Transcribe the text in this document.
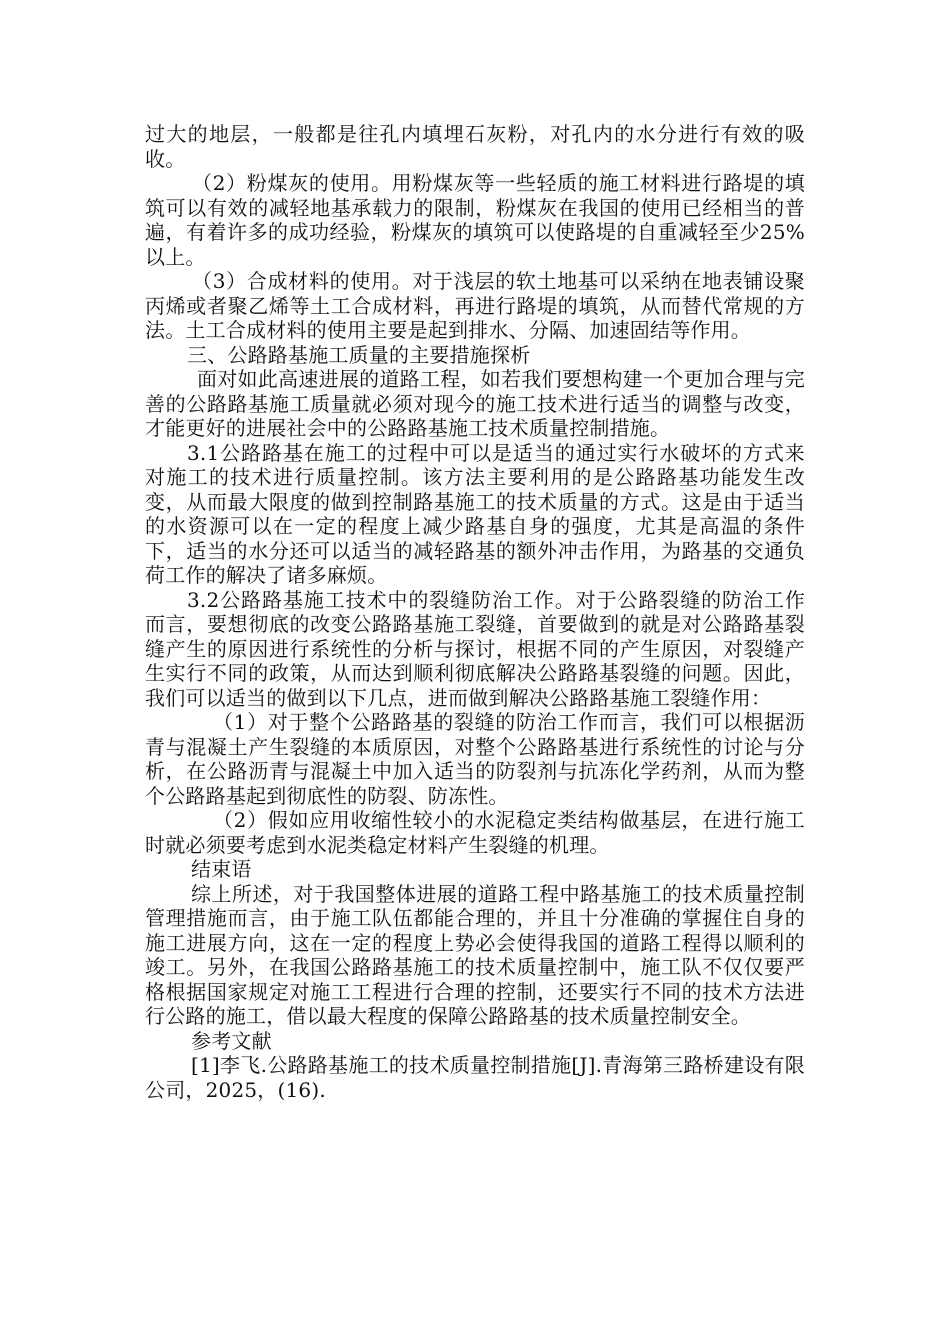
过大的地层，一般都是往孔内填埋石灰粉，对孔内的水分进行有效的吸收。

（2）粉煤灰的使用。用粉煤灰等一些轻质的施工材料进行路堤的填筑可以有效的减轻地基承载力的限制，粉煤灰在我国的使用已经相当的普遍，有着许多的成功经验，粉煤灰的填筑可以使路堤的自重减轻至少25%以上。

（3）合成材料的使用。对于浅层的软土地基可以采纳在地表铺设聚丙烯或者聚乙烯等土工合成材料，再进行路堤的填筑，从而替代常规的方法。土工合成材料的使用主要是起到排水、分隔、加速固结等作用。

三、公路路基施工质量的主要措施探析

面对如此高速进展的道路工程，如若我们要想构建一个更加合理与完善的公路路基施工质量就必须对现今的施工技术进行适当的调整与改变，才能更好的进展社会中的公路路基施工技术质量控制措施。

3.1公路路基在施工的过程中可以是适当的通过实行水破坏的方式来对施工的技术进行质量控制。该方法主要利用的是公路路基功能发生改变，从而最大限度的做到控制路基施工的技术质量的方式。这是由于适当的水资源可以在一定的程度上减少路基自身的强度，尤其是高温的条件下，适当的水分还可以适当的减轻路基的额外冲击作用，为路基的交通负荷工作的解决了诸多麻烦。

3.2公路路基施工技术中的裂缝防治工作。对于公路裂缝的防治工作而言，要想彻底的改变公路路基施工裂缝，首要做到的就是对公路路基裂缝产生的原因进行系统性的分析与探讨，根据不同的产生原因，对裂缝产生实行不同的政策，从而达到顺利彻底解决公路路基裂缝的问题。因此，我们可以适当的做到以下几点，进而做到解决公路路基施工裂缝作用：

（1）对于整个公路路基的裂缝的防治工作而言，我们可以根据沥青与混凝土产生裂缝的本质原因，对整个公路路基进行系统性的讨论与分析，在公路沥青与混凝土中加入适当的防裂剂与抗冻化学药剂，从而为整个公路路基起到彻底性的防裂、防冻性。

（2）假如应用收缩性较小的水泥稳定类结构做基层，在进行施工时就必须要考虑到水泥类稳定材料产生裂缝的机理。

结束语

综上所述，对于我国整体进展的道路工程中路基施工的技术质量控制管理措施而言，由于施工队伍都能合理的，并且十分准确的掌握住自身的施工进展方向，这在一定的程度上势必会使得我国的道路工程得以顺利的竣工。另外，在我国公路路基施工的技术质量控制中，施工队不仅仅要严格根据国家规定对施工工程进行合理的控制，还要实行不同的技术方法进行公路的施工，借以最大程度的保障公路路基的技术质量控制安全。

参考文献

[1]李飞.公路路基施工的技术质量控制措施[J].青海第三路桥建设有限公司，2025，(16).
